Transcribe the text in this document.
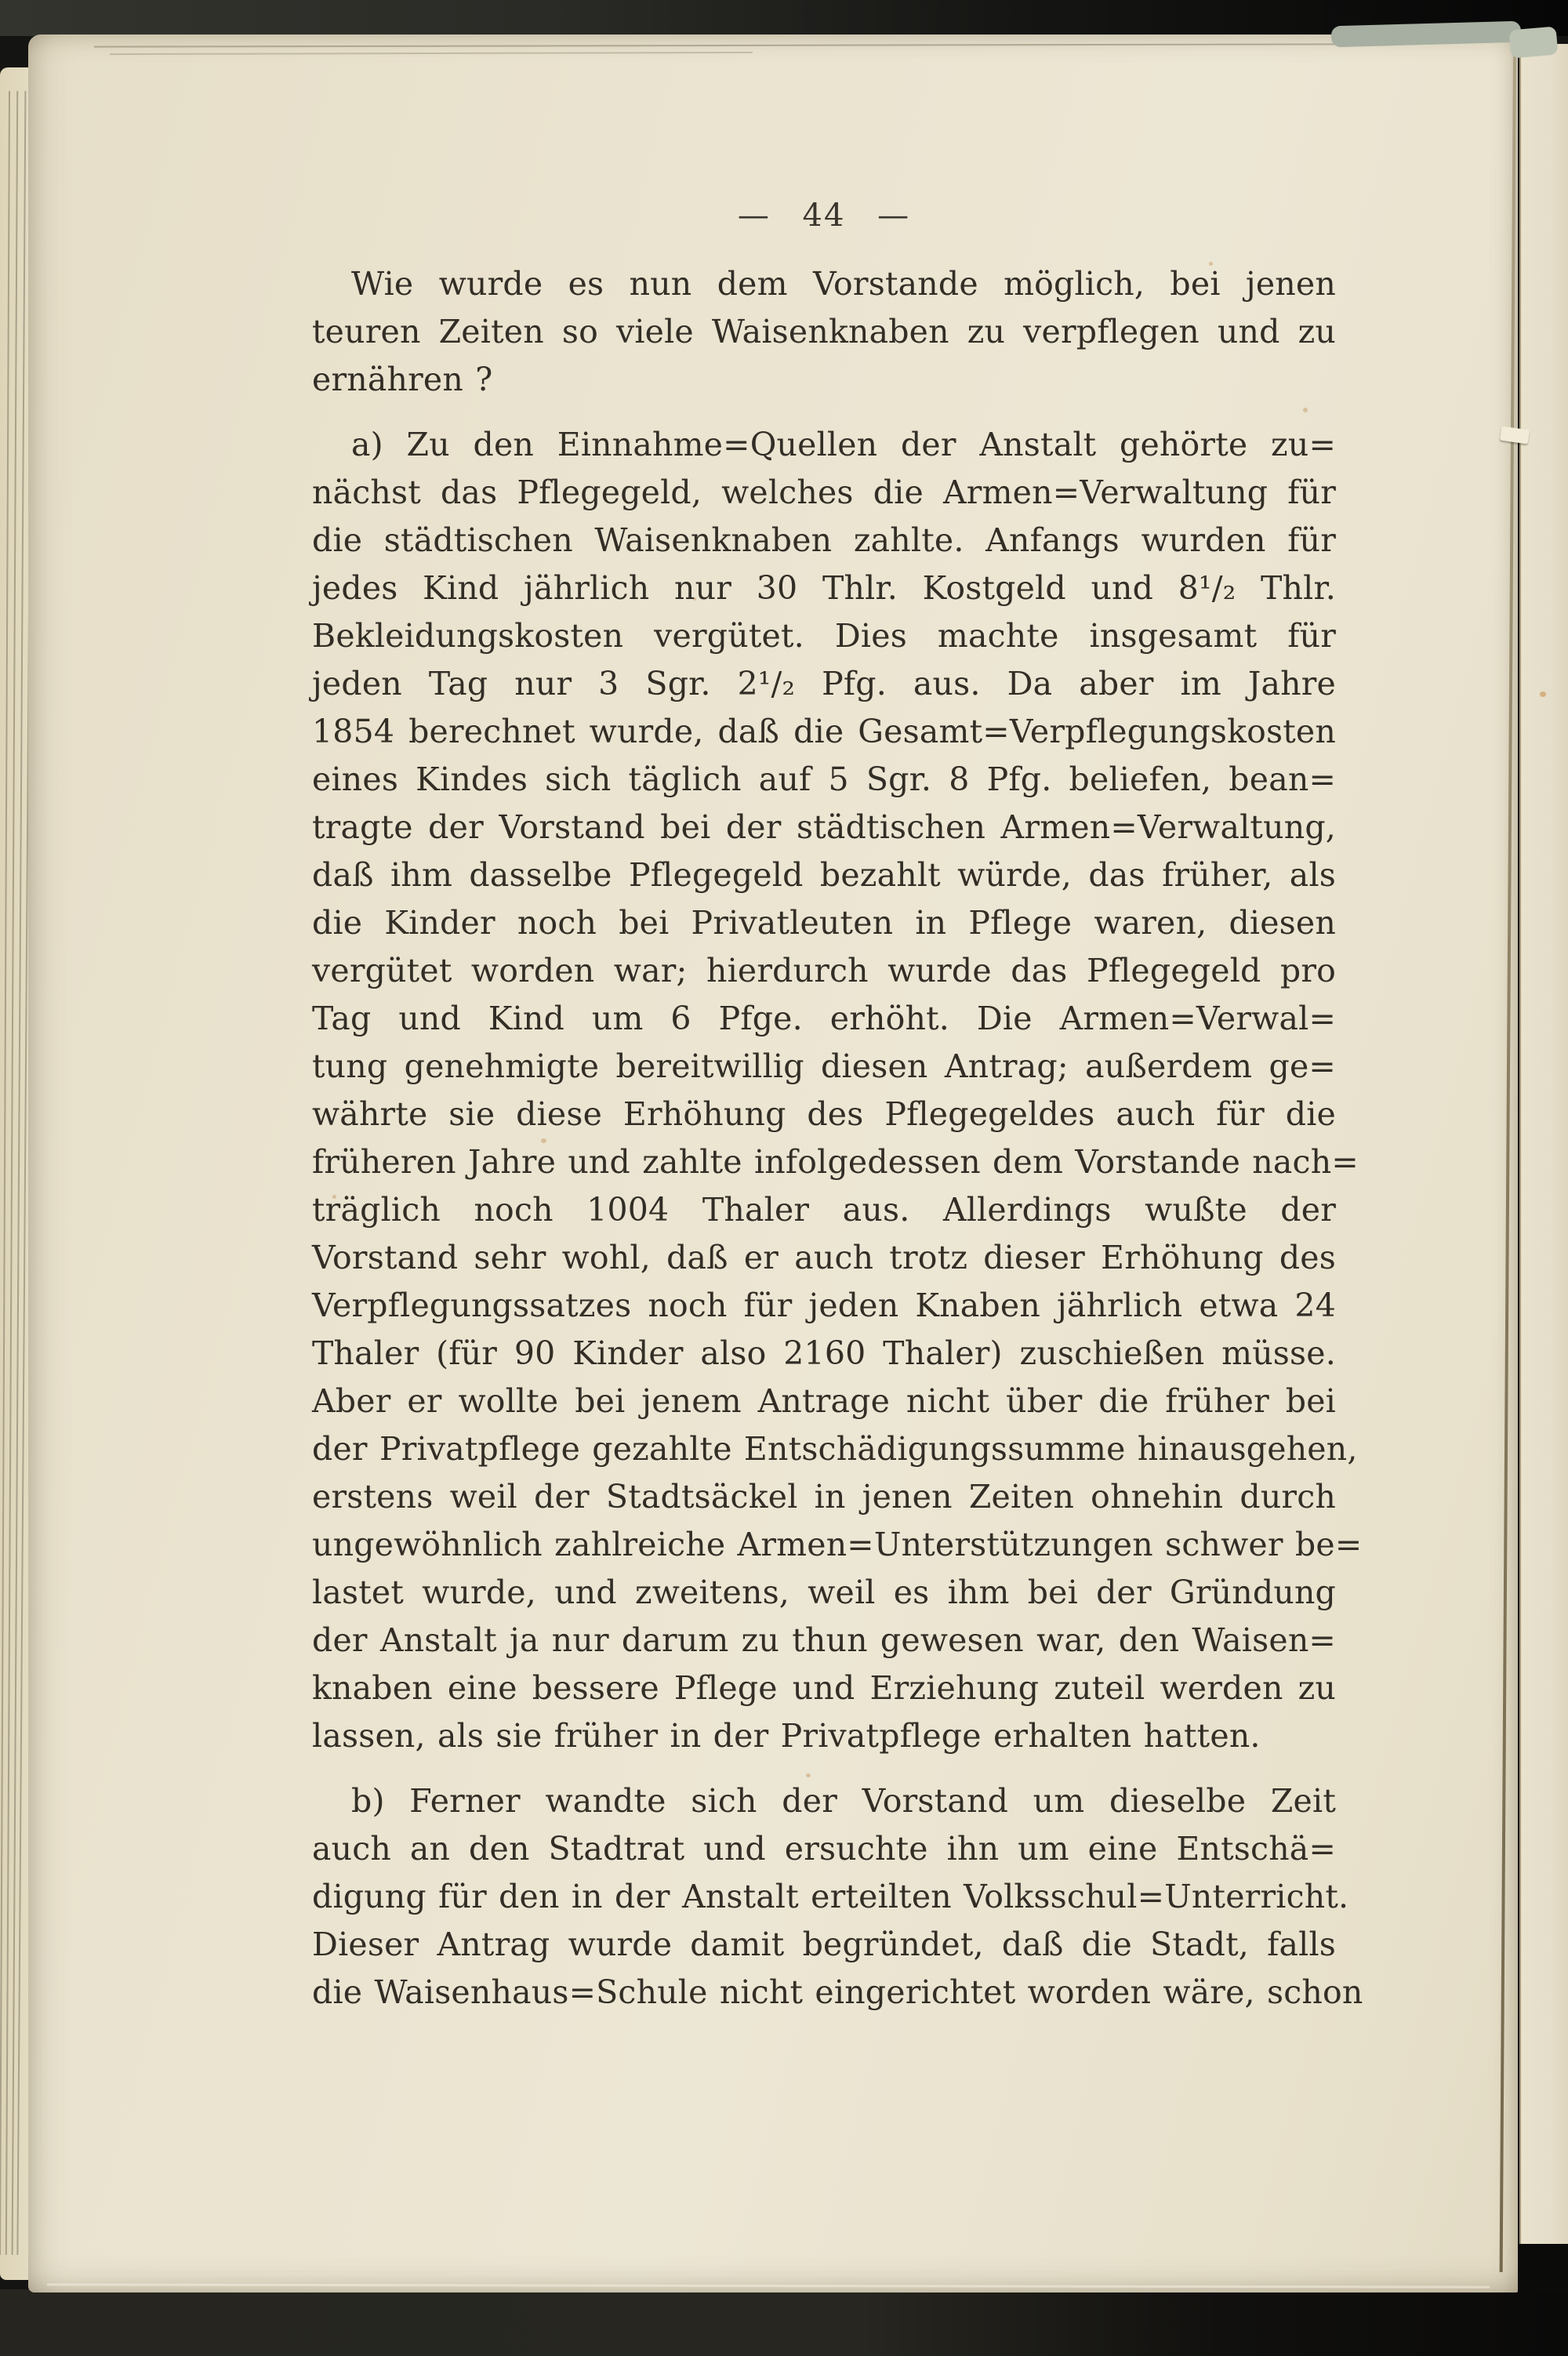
— 44 —
Wie wurde es nun dem Vorstande möglich, bei jenen
teuren Zeiten so viele Waisenknaben zu verpflegen und zu
ernähren ?
a) Zu den Einnahme=Quellen der Anstalt gehörte zu=
nächst das Pflegegeld, welches die Armen=Verwaltung für
die städtischen Waisenknaben zahlte. Anfangs wurden für
jedes Kind jährlich nur 30 Thlr. Kostgeld und 8¹/₂ Thlr.
Bekleidungskosten vergütet. Dies machte insgesamt für
jeden Tag nur 3 Sgr. 2¹/₂ Pfg. aus. Da aber im Jahre
1854 berechnet wurde, daß die Gesamt=Verpflegungskosten
eines Kindes sich täglich auf 5 Sgr. 8 Pfg. beliefen, bean=
tragte der Vorstand bei der städtischen Armen=Verwaltung,
daß ihm dasselbe Pflegegeld bezahlt würde, das früher, als
die Kinder noch bei Privatleuten in Pflege waren, diesen
vergütet worden war; hierdurch wurde das Pflegegeld pro
Tag und Kind um 6 Pfge. erhöht. Die Armen=Verwal=
tung genehmigte bereitwillig diesen Antrag; außerdem ge=
währte sie diese Erhöhung des Pflegegeldes auch für die
früheren Jahre und zahlte infolgedessen dem Vorstande nach=
träglich noch 1004 Thaler aus. Allerdings wußte der
Vorstand sehr wohl, daß er auch trotz dieser Erhöhung des
Verpflegungssatzes noch für jeden Knaben jährlich etwa 24
Thaler (für 90 Kinder also 2160 Thaler) zuschießen müsse.
Aber er wollte bei jenem Antrage nicht über die früher bei
der Privatpflege gezahlte Entschädigungssumme hinausgehen,
erstens weil der Stadtsäckel in jenen Zeiten ohnehin durch
ungewöhnlich zahlreiche Armen=Unterstützungen schwer be=
lastet wurde, und zweitens, weil es ihm bei der Gründung
der Anstalt ja nur darum zu thun gewesen war, den Waisen=
knaben eine bessere Pflege und Erziehung zuteil werden zu
lassen, als sie früher in der Privatpflege erhalten hatten.
b) Ferner wandte sich der Vorstand um dieselbe Zeit
auch an den Stadtrat und ersuchte ihn um eine Entschä=
digung für den in der Anstalt erteilten Volksschul=Unterricht.
Dieser Antrag wurde damit begründet, daß die Stadt, falls
die Waisenhaus=Schule nicht eingerichtet worden wäre, schon
